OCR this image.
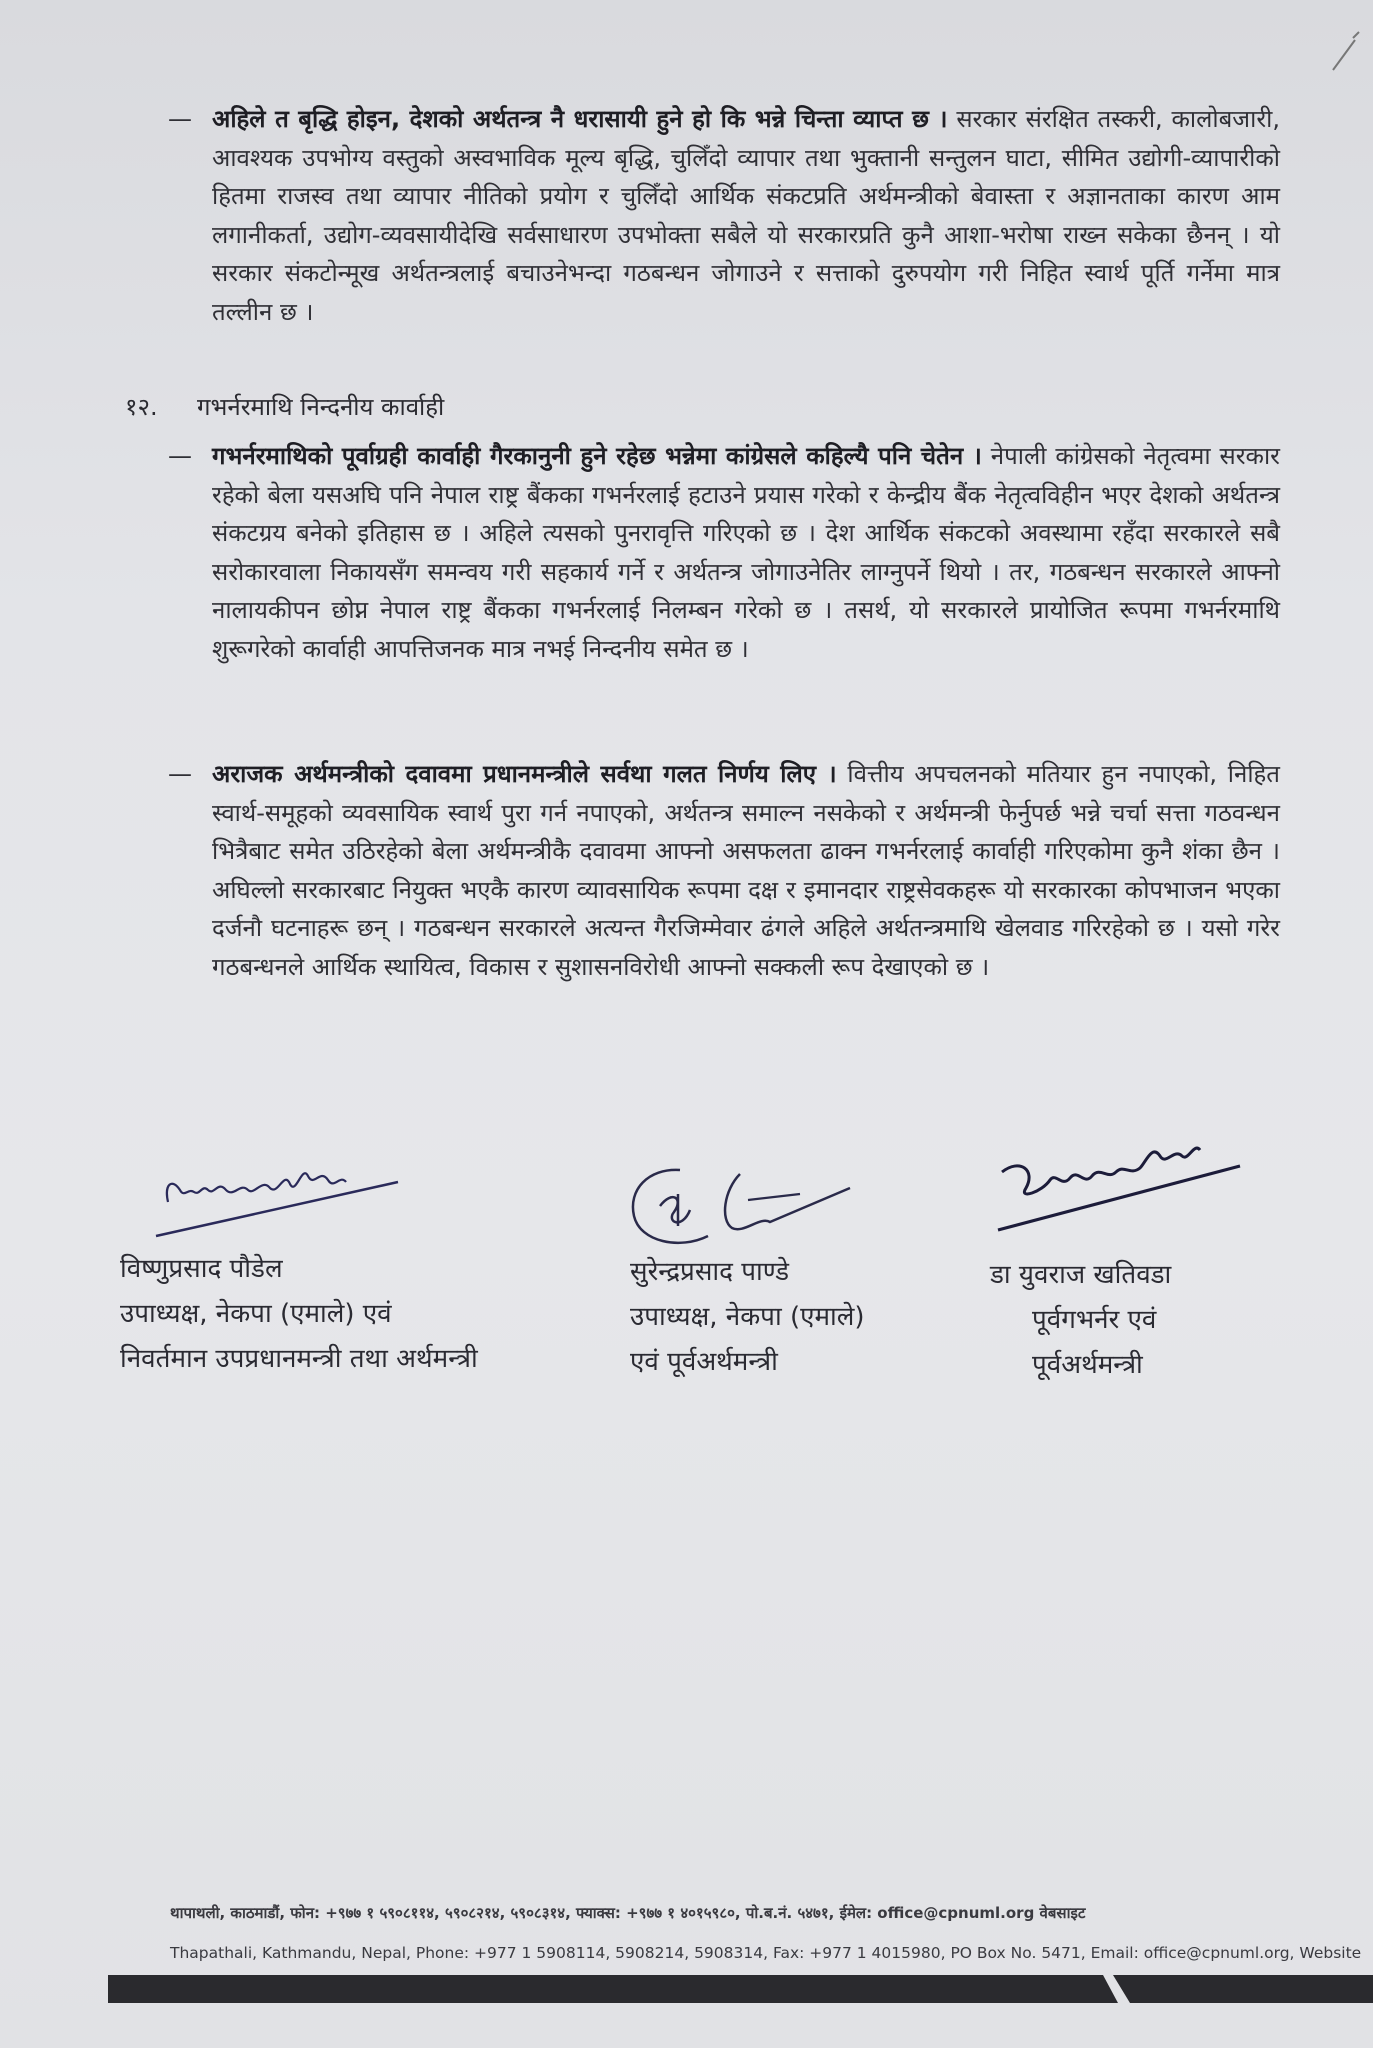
— अहिले त बृद्धि होइन, देशको अर्थतन्त्र नै धरासायी हुने हो कि भन्ने चिन्ता व्याप्त छ । सरकार संरक्षित तस्करी, कालोबजारी, आवश्यक उपभोग्य वस्तुको अस्वभाविक मूल्य बृद्धि, चुलिँदो व्यापार तथा भुक्तानी सन्तुलन घाटा, सीमित उद्योगी-व्यापारीको हितमा राजस्व तथा व्यापार नीतिको प्रयोग र चुलिँदो आर्थिक संकटप्रति अर्थमन्त्रीको बेवास्ता र अज्ञानताका कारण आम लगानीकर्ता, उद्योग-व्यवसायीदेखि सर्वसाधारण उपभोक्ता सबैले यो सरकारप्रति कुनै आशा-भरोषा राख्न सकेका छैनन् । यो सरकार संकटोन्मूख अर्थतन्त्रलाई बचाउनेभन्दा गठबन्धन जोगाउने र सत्ताको दुरुपयोग गरी निहित स्वार्थ पूर्ति गर्नेमा मात्र तल्लीन छ ।
१२. गभर्नरमाथि निन्दनीय कार्वाही
— गभर्नरमाथिको पूर्वाग्रही कार्वाही गैरकानुनी हुने रहेछ भन्नेमा कांग्रेसले कहिल्यै पनि चेतेन । नेपाली कांग्रेसको नेतृत्वमा सरकार रहेको बेला यसअघि पनि नेपाल राष्ट्र बैंकका गभर्नरलाई हटाउने प्रयास गरेको र केन्द्रीय बैंक नेतृत्वविहीन भएर देशको अर्थतन्त्र संकटग्रय बनेको इतिहास छ । अहिले त्यसको पुनरावृत्ति गरिएको छ । देश आर्थिक संकटको अवस्थामा रहँदा सरकारले सबै सरोकारवाला निकायसँग समन्वय गरी सहकार्य गर्ने र अर्थतन्त्र जोगाउनेतिर लाग्नुपर्ने थियो । तर, गठबन्धन सरकारले आफ्नो नालायकीपन छोप्न नेपाल राष्ट्र बैंकका गभर्नरलाई निलम्बन गरेको छ । तसर्थ, यो सरकारले प्रायोजित रूपमा गभर्नरमाथि शुरूगरेको कार्वाही आपत्तिजनक मात्र नभई निन्दनीय समेत छ ।
— अराजक अर्थमन्त्रीको दवावमा प्रधानमन्त्रीले सर्वथा गलत निर्णय लिए । वित्तीय अपचलनको मतियार हुन नपाएको, निहित स्वार्थ-समूहको व्यवसायिक स्वार्थ पुरा गर्न नपाएको, अर्थतन्त्र समाल्न नसकेको र अर्थमन्त्री फेर्नुपर्छ भन्ने चर्चा सत्ता गठवन्धन भित्रैबाट समेत उठिरहेको बेला अर्थमन्त्रीकै दवावमा आफ्नो असफलता ढाक्न गभर्नरलाई कार्वाही गरिएकोमा कुनै शंका छैन । अघिल्लो सरकारबाट नियुक्त भएकै कारण व्यावसायिक रूपमा दक्ष र इमानदार राष्ट्रसेवकहरू यो सरकारका कोपभाजन भएका दर्जनौ घटनाहरू छन् । गठबन्धन सरकारले अत्यन्त गैरजिम्मेवार ढंगले अहिले अर्थतन्त्रमाथि खेलवाड गरिरहेको छ । यसो गरेर गठबन्धनले आर्थिक स्थायित्व, विकास र सुशासनविरोधी आफ्नो सक्कली रूप देखाएको छ ।
विष्णुप्रसाद पौडेल
उपाध्यक्ष, नेकपा (एमाले) एवं
निवर्तमान उपप्रधानमन्त्री तथा अर्थमन्त्री
सुरेन्द्रप्रसाद पाण्डे
उपाध्यक्ष, नेकपा (एमाले)
एवं पूर्वअर्थमन्त्री
डा युवराज खतिवडा
पूर्वगभर्नर एवं
पूर्वअर्थमन्त्री
थापाथली, काठमाडौं, फोन: +९७७ १ ५९०८११४, ५९०८२१४, ५९०८३१४, फ्याक्स: +९७७ १ ४०१५९८०, पो.ब.नं. ५४७१, ईमेल: office@cpnuml.org वेबसाइट
Thapathali, Kathmandu, Nepal, Phone: +977 1 5908114, 5908214, 5908314, Fax: +977 1 4015980, PO Box No. 5471, Email: office@cpnuml.org, Website
